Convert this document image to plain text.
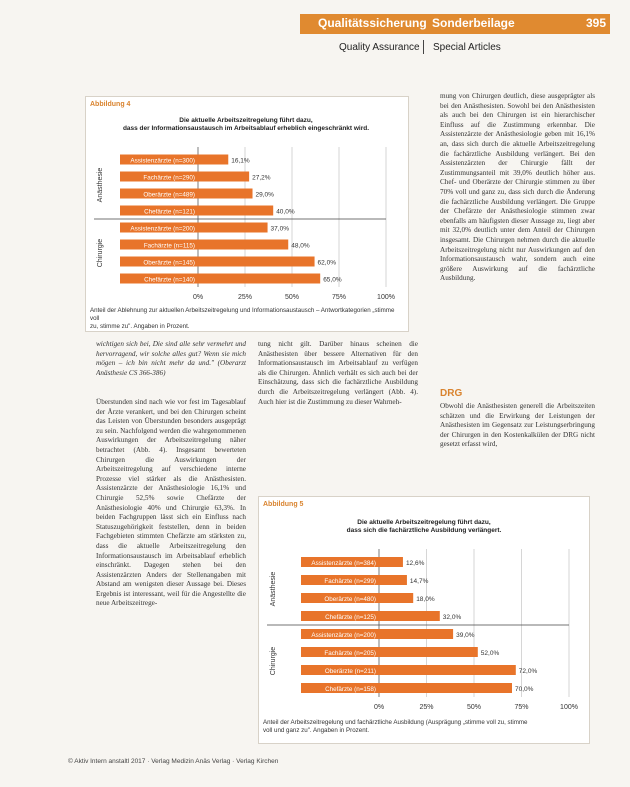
Qualitätssicherung Sonderbeilage	395
Quality Assurance Special Articles
Abbildung 4
Die aktuelle Arbeitszeitregelung führt dazu,
dass der Informationsaustausch im Arbeitsablauf erheblich eingeschränkt wird.
0%	25%	50%	75%	100%
Anästhesie
Chirurgie
Assistenzärzte (n=300)	16,1%
Fachärzte (n=290)	27,2%
Oberärzte (n=489)	29,0%
Chefärzte (n=121)	40,0%
Assistenzärzte (n=200)	37,0%
Fachärzte (n=115)	48,0%
Oberärzte (n=145)	62,0%
Chefärzte (n=140)	65,0%
Anteil der Ablehnung zur aktuellen Arbeitszeitregelung und Informationsaustausch – Antwortkategorien „stimme voll
zu, stimme zu". Angaben in Prozent.
mung von Chirurgen deutlich, diese ausgeprägter als bei den Anästhesisten. Sowohl bei den Anästhesisten als auch bei den Chirurgen ist ein hierarchischer Einfluss auf die Zustimmung erkennbar. Die Assistenzärzte der Anästhesiologie geben mit 16,1% an, dass sich durch die aktuelle Arbeitszeitregelung die fachärztliche Ausbildung verlängert. Bei den Assistenzärzten der Chirurgie fällt der Zustimmungsanteil mit 39,0% deutlich höher aus. Chef- und Oberärzte der Chirurgie stimmen zu über 70% voll und ganz zu, dass sich durch die Änderung die fachärztliche Ausbildung verlängert. Die Gruppe der Chefärzte der Anästhesiologie stimmen zwar ebenfalls am häufigsten dieser Aussage zu, liegt aber mit 32,0% deutlich unter dem Anteil der Chirurgen insgesamt. Die Chirurgen nehmen durch die aktuelle Arbeitszeitregelung nicht nur Auswirkungen auf den Informationsaustausch wahr, sondern auch eine größere Auswirkung auf die fachärztliche Ausbildung.
DRG
Obwohl die Anästhesisten generell die Arbeitszeiten schätzen und die Erwirkung der Leistungen der Anästhesisten im Gegensatz zur Leistungserbringung der Chirurgen in den Kostenkalkülen der DRG nicht gesetzt erfasst wird,
wichtigen sich bei, Die sind alle sehr vermehrt und hervorragend, wir solche alles gut? Wenn sie mich mögen – ich bin nicht mehr da und." (Oberarzt Anästhesie CS 366-386)
tung nicht gilt. Darüber hinaus scheinen die Anästhesisten über bessere Alternativen für den Informationsaustausch im Arbeitsablauf zu verfügen als die Chirurgen. Ähnlich verhält es sich auch bei der Einschätzung, dass sich die fachärztliche Ausbildung durch die Arbeitszeitregelung verlängert (Abb. 4). Auch hier ist die Zustimmung zu dieser Wahrneh-
Überstunden sind nach wie vor fest im Tagesablauf der Ärzte verankert, und bei den Chirurgen scheint das Leisten von Überstunden besonders ausgeprägt zu sein. Nachfolgend werden die wahrgenommenen Auswirkungen der Arbeitszeitregelung näher betrachtet (Abb. 4). Insgesamt bewerteten Chirurgen die Auswirkungen der Arbeitszeitregelung auf verschiedene interne Prozesse viel stärker als die Anästhesisten. Assistenzärzte der Anästhesiologie 16,1% und Chirurgie 52,5% sowie Chefärzte der Anästhesiologie 40% und Chirurgie 63,3%. In beiden Fachgruppen lässt sich ein Einfluss nach Statuszugehörigkeit feststellen, denn in beiden Fachgebieten stimmten Chefärzte am stärksten zu, dass die aktuelle Arbeitszeitregelung den Informationsaustausch im Arbeitsablauf erheblich einschränkt. Dagegen stehen bei den Assistenzärzten Anders der Stellenangaben mit Abstand am wenigsten dieser Aussage bei. Dieses Ergebnis ist interessant, weil für die Angestellte die neue Arbeitszeitrege-
Abbildung 5
Die aktuelle Arbeitszeitregelung führt dazu,
dass sich die fachärztliche Ausbildung verlängert.
0%	25%	50%	75%	100%
Anästhesie
Chirurgie
Assistenzärzte (n=384)	12,6%
Fachärzte (n=299)	14,7%
Oberärzte (n=480)	18,0%
Chefärzte (n=125)	32,0%
Assistenzärzte (n=200)	39,0%
Fachärzte (n=205)	52,0%
Oberärzte (n=211)	72,0%
Chefärzte (n=158)	70,0%
Anteil der Arbeitszeitregelung und fachärztliche Ausbildung (Ausprägung „stimme voll zu, stimme
voll und ganz zu". Angaben in Prozent.
© Aktiv Intern anstaltl 2017 · Verlag Medizin Anäs Verlag · Verlag Kirchen
